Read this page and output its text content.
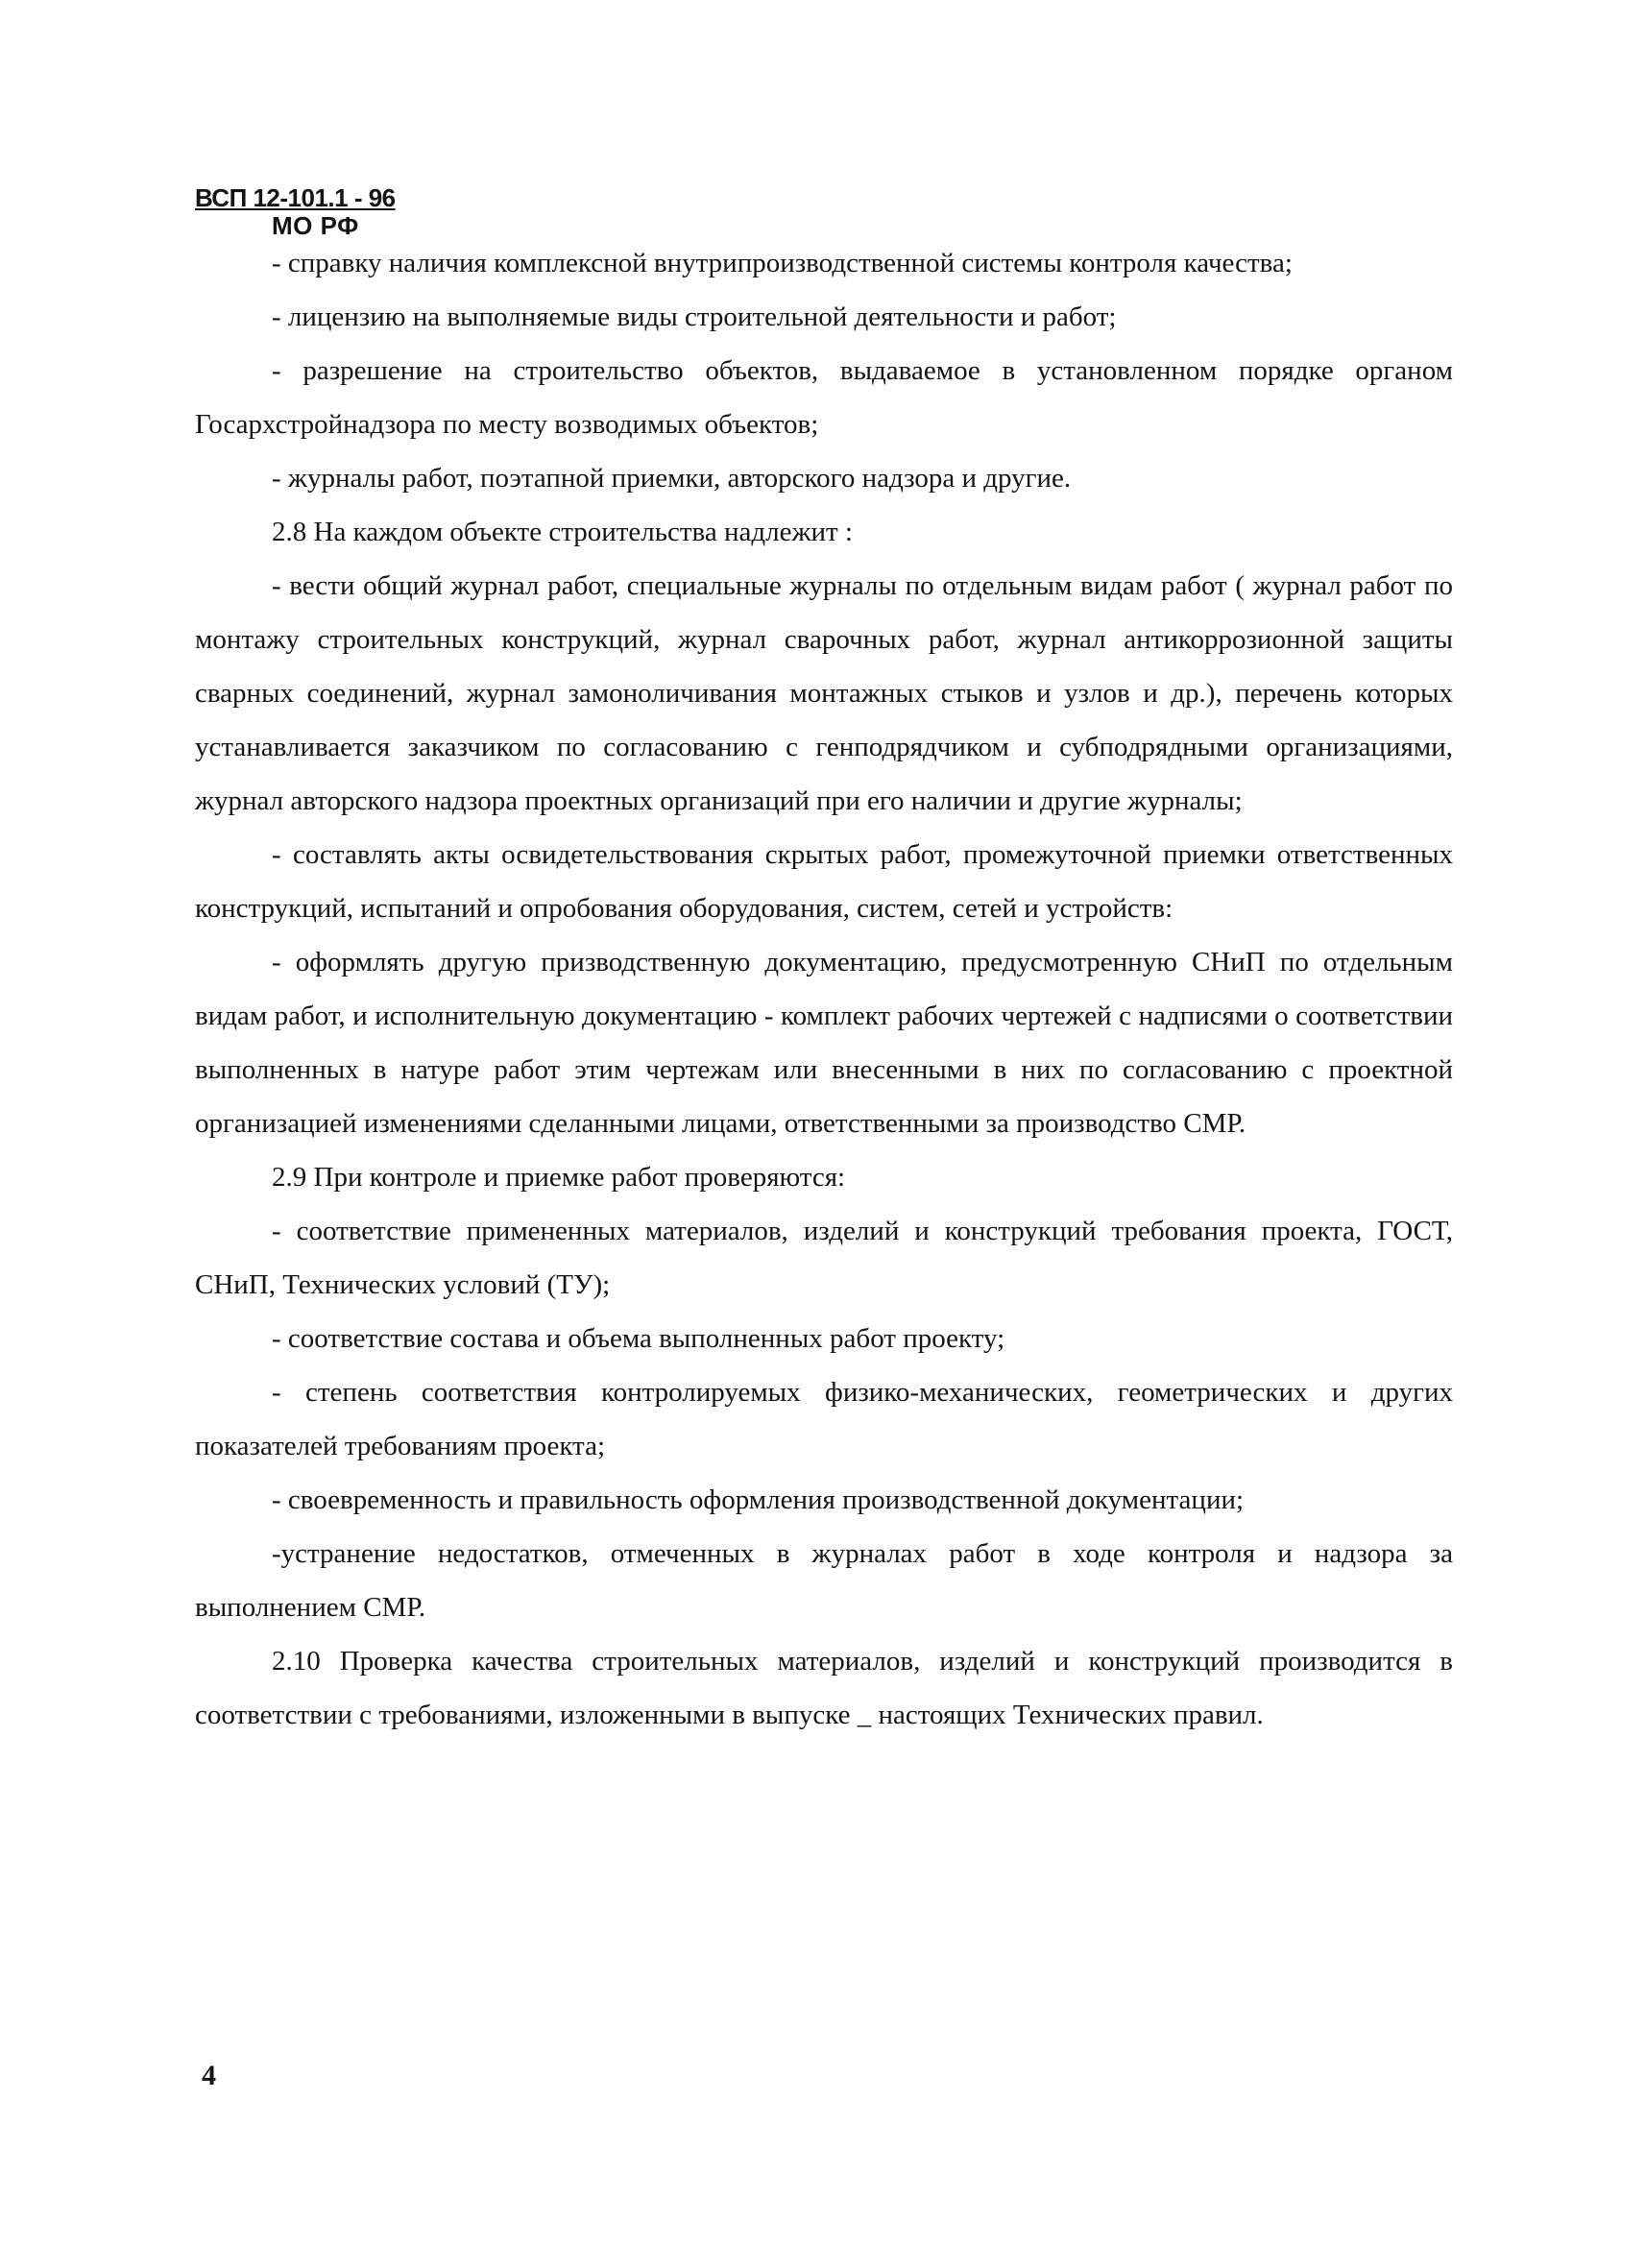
ВСП 12-101.1 - 96
МО РФ

- справку наличия комплексной внутрипроизводственной системы контроля качества;

- лицензию на выполняемые виды строительной деятельности и работ;

- разрешение на строительство объектов, выдаваемое в установленном порядке органом Госархстройнадзора по месту возводимых объектов;

- журналы работ, поэтапной приемки, авторского надзора и другие.

2.8 На каждом объекте строительства надлежит :

- вести общий журнал работ, специальные журналы по отдельным видам работ ( журнал работ по монтажу строительных конструкций, журнал сварочных работ, журнал антикоррозионной защиты сварных соединений, журнал замоноличивания монтажных стыков и узлов и др.), перечень которых устанавливается заказчиком по согласованию с генподрядчиком и субподрядными организациями, журнал авторского надзора проектных организаций при его наличии и другие журналы;

- составлять акты освидетельствования скрытых работ, промежуточной приемки ответственных конструкций, испытаний и опробования оборудования, систем, сетей и устройств:

- оформлять другую призводственную документацию, предусмотренную СНиП по отдельным видам работ, и исполнительную документацию - комплект рабочих чертежей с надписями о соответствии выполненных в натуре работ этим чертежам или внесенными в них по согласованию с проектной организацией изменениями сделанными лицами, ответственными за производство СМР.

2.9 При контроле и приемке работ проверяются:

- соответствие примененных материалов, изделий и конструкций требования проекта, ГОСТ, СНиП, Технических условий (ТУ);

- соответствие состава и объема выполненных работ проекту;

- степень соответствия контролируемых физико-механических, геометрических и других показателей требованиям проекта;

- своевременность и правильность оформления производственной документации;

-устранение недостатков, отмеченных в журналах работ в ходе контроля и надзора за выполнением СМР.

2.10 Проверка качества строительных материалов, изделий и конструкций производится в соответствии с требованиями, изложенными в выпуске _ настоящих Технических правил.

4
